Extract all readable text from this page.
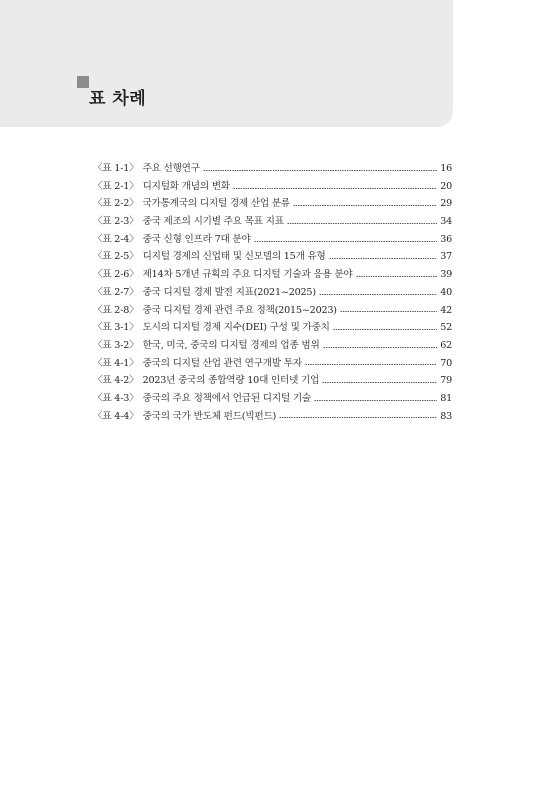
표 차례
〈표 1-1〉 주요 선행연구	16
〈표 2-1〉 디지털화 개념의 변화	20
〈표 2-2〉 국가통계국의 디지털 경제 산업 분류	29
〈표 2-3〉 중국 제조의 시기별 주요 목표 지표	34
〈표 2-4〉 중국 신형 인프라 7대 분야	36
〈표 2-5〉 디지털 경제의 신업태 및 신모델의 15개 유형	37
〈표 2-6〉 제14차 5개년 규획의 주요 디지털 기술과 응용 분야	39
〈표 2-7〉 중국 디지털 경제 발전 지표(2021~2025)	40
〈표 2-8〉 중국 디지털 경제 관련 주요 정책(2015~2023)	42
〈표 3-1〉 도시의 디지털 경제 지수(DEI) 구성 및 가중치	52
〈표 3-2〉 한국, 미국, 중국의 디지털 경제의 업종 범위	62
〈표 4-1〉 중국의 디지털 산업 관련 연구개발 투자	70
〈표 4-2〉 2023년 중국의 종합역량 10대 인터넷 기업	79
〈표 4-3〉 중국의 주요 정책에서 언급된 디지털 기술	81
〈표 4-4〉 중국의 국가 반도체 펀드(빅펀드)	83
